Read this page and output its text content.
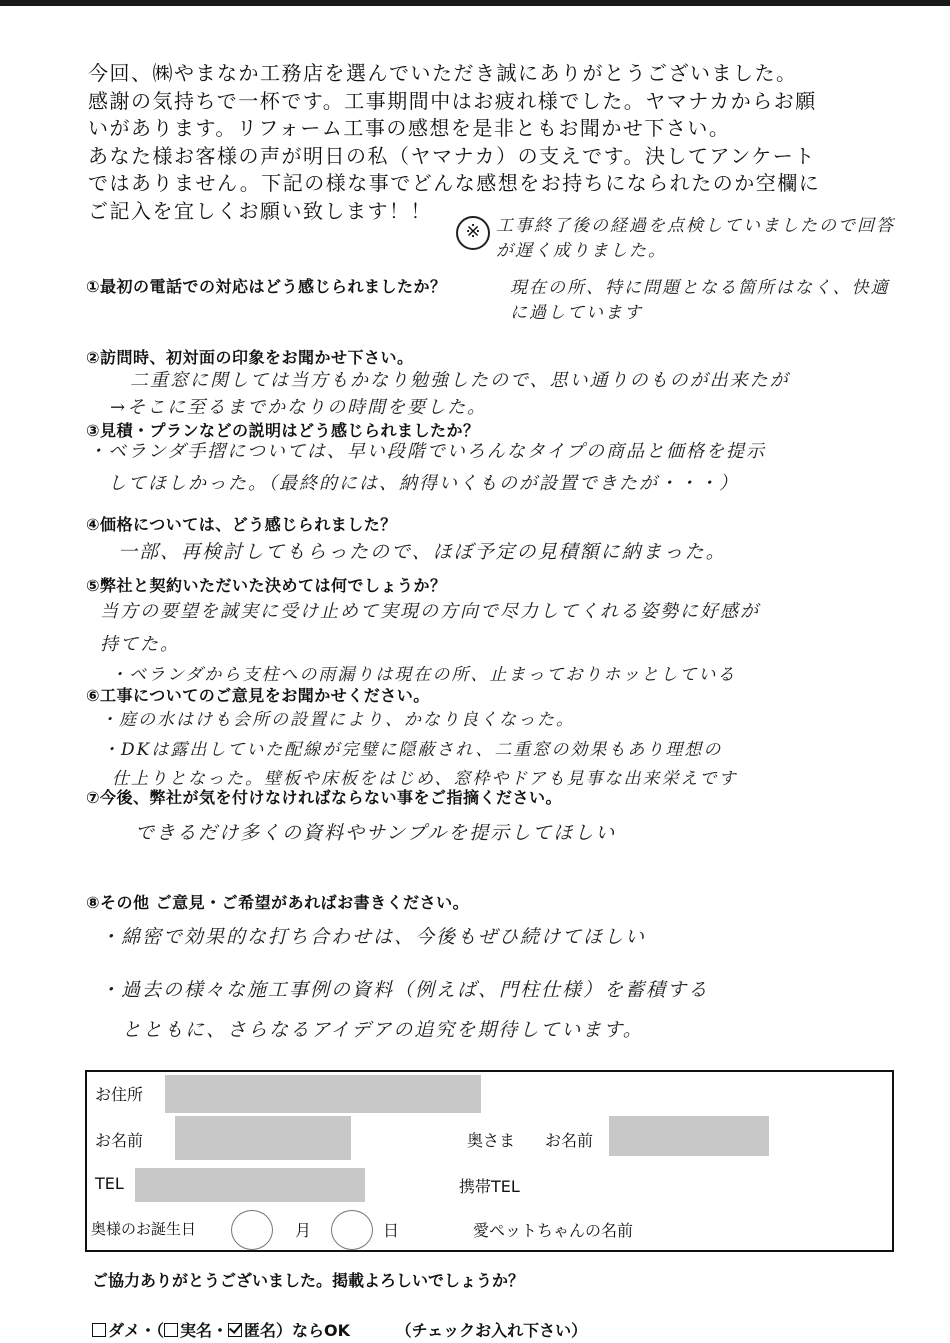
今回、㈱やまなか工務店を選んでいただき誠にありがとうございました。
感謝の気持ちで一杯です。工事期間中はお疲れ様でした。ヤマナカからお願
いがあります。リフォーム工事の感想を是非ともお聞かせ下さい。
あなた様お客様の声が明日の私（ヤマナカ）の支えです。決してアンケート
ではありません。下記の様な事でどんな感想をお持ちになられたのか空欄に
ご記入を宜しくお願い致します！！
※ 工事終了後の経過を点検していましたので回答が遅く成りました。
現在の所、特に問題となる箇所はなく、快適に過しています
①最初の電話での対応はどう感じられましたか？
②訪問時、初対面の印象をお聞かせ下さい。
③見積・プランなどの説明はどう感じられましたか？
④価格については、どう感じられました？
⑤弊社と契約いただいた決めては何でしょうか？
⑥工事についてのご意見をお聞かせください。
⑦今後、弊社が気を付けなければならない事をご指摘ください。
⑧その他 ご意見・ご希望があればお書きください。
二重窓に関しては当方もかなり勉強したので、思い通りのものが出来たが
→そこに至るまでかなりの時間を要した。
・ベランダ手摺については、早い段階でいろんなタイプの商品と価格を提示
してほしかった。（最終的には、納得いくものが設置できたが・・・）
一部、再検討してもらったので、ほぼ予定の見積額に納まった。
当方の要望を誠実に受け止めて実現の方向で尽力してくれる姿勢に好感が
持てた。
・ベランダから支柱への雨漏りは現在の所、止まっておりホッとしている
・庭の水はけも会所の設置により、かなり良くなった。
・DKは露出していた配線が完璧に隠蔽され、二重窓の効果もあり理想の
仕上りとなった。壁板や床板をはじめ、窓枠やドアも見事な出来栄えです
できるだけ多くの資料やサンプルを提示してほしい
・綿密で効果的な打ち合わせは、今後もぜひ続けてほしい
・過去の様々な施工事例の資料（例えば、門柱仕様）を蓄積する
とともに、さらなるアイデアの追究を期待しています。
お住所
お名前	奥さま お名前
TEL	携帯TEL
奥様のお誕生日	月	日	愛ペットちゃんの名前
ご協力ありがとうございました。掲載よろしいでしょうか？
ダメ・（ 実名・ 匿名）ならOK	（チェックお入れ下さい）
